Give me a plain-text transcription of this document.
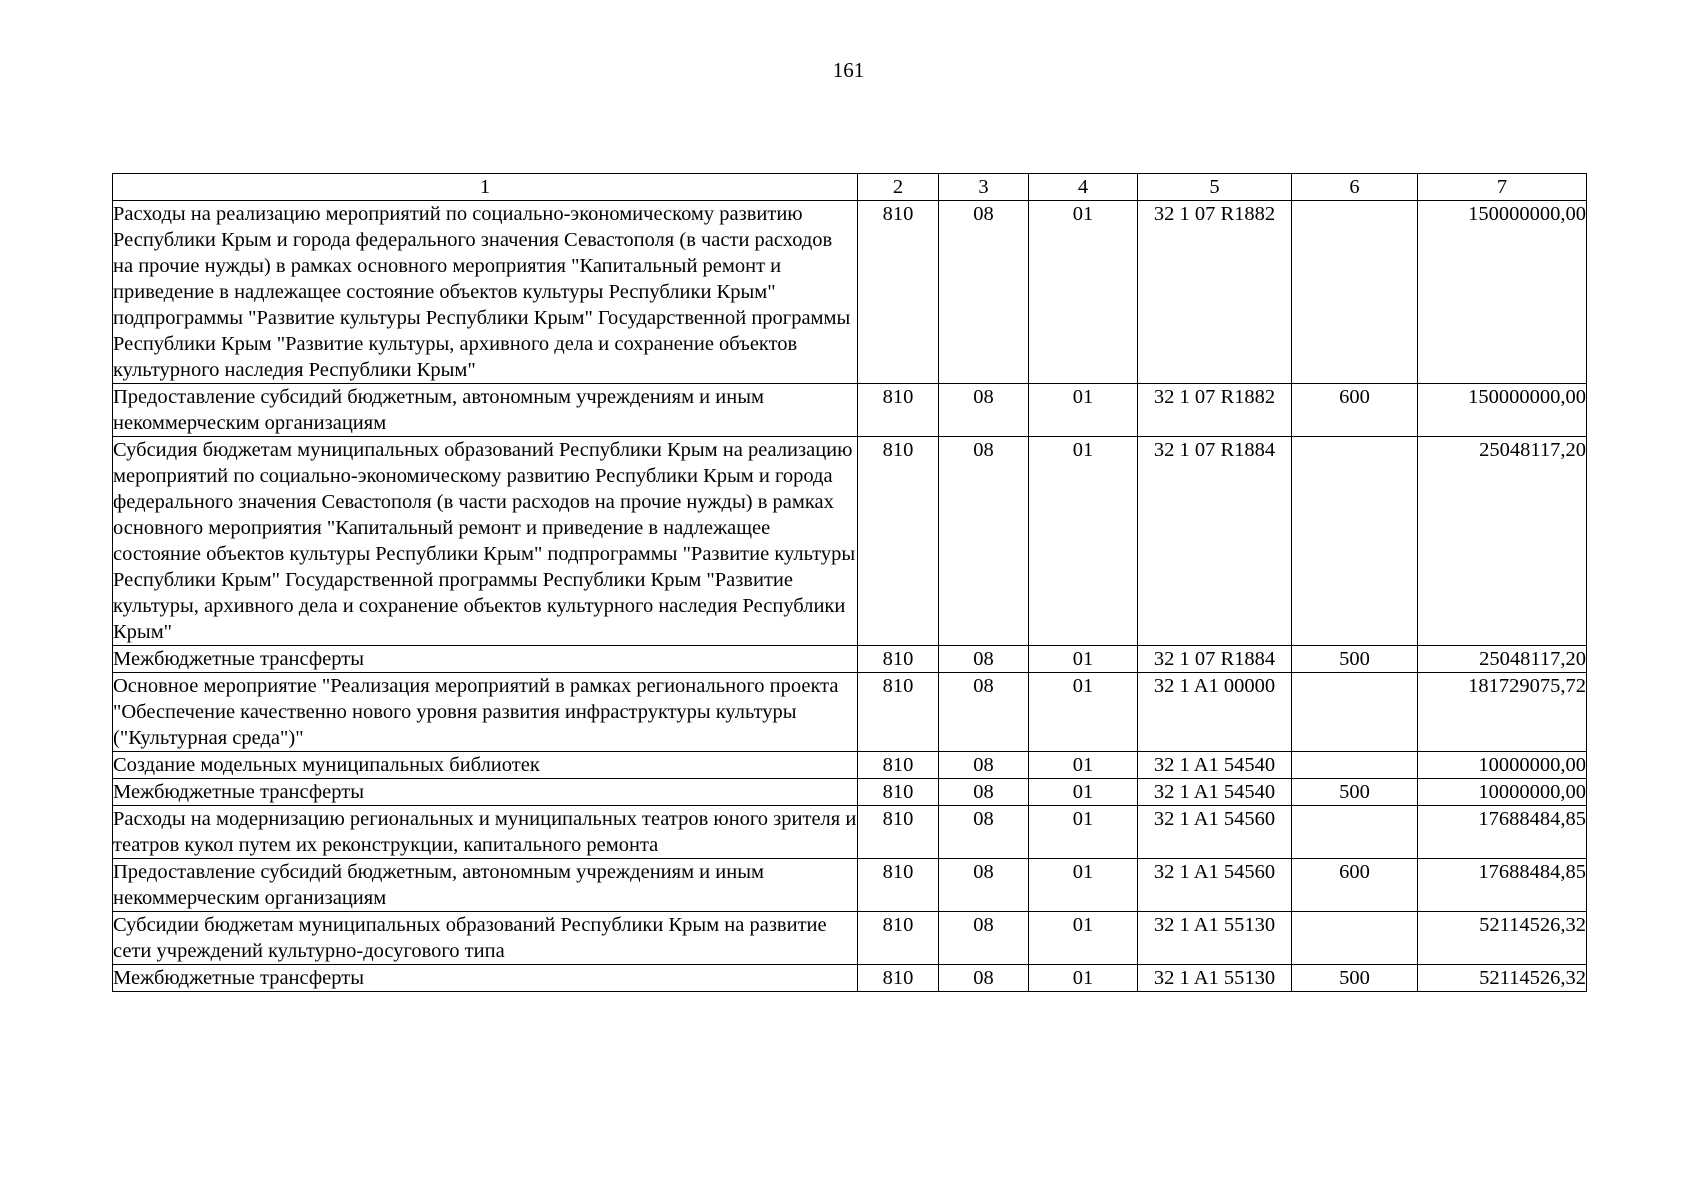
161
1	2	3	4	5	6	7
Расходы на реализацию мероприятий по социально-экономическому развитию Республики Крым и города федерального значения Севастополя (в части расходов на прочие нужды) в рамках основного мероприятия "Капитальный ремонт и приведение в надлежащее состояние объектов культуры Республики Крым" подпрограммы "Развитие культуры Республики Крым" Государственной программы Республики Крым "Развитие культуры, архивного дела и сохранение объектов культурного наследия Республики Крым"	810	08	01	32 1 07 R1882		150000000,00
Предоставление субсидий бюджетным, автономным учреждениям и иным некоммерческим организациям	810	08	01	32 1 07 R1882	600	150000000,00
Субсидия бюджетам муниципальных образований Республики Крым на реализацию мероприятий по социально-экономическому развитию Республики Крым и города федерального значения Севастополя (в части расходов на прочие нужды) в рамках основного мероприятия "Капитальный ремонт и приведение в надлежащее состояние объектов культуры Республики Крым" подпрограммы "Развитие культуры Республики Крым" Государственной программы Республики Крым "Развитие культуры, архивного дела и сохранение объектов культурного наследия Республики Крым"	810	08	01	32 1 07 R1884		25048117,20
Межбюджетные трансферты	810	08	01	32 1 07 R1884	500	25048117,20
Основное мероприятие "Реализация мероприятий в рамках регионального проекта "Обеспечение качественно нового уровня развития инфраструктуры культуры ("Культурная среда")"	810	08	01	32 1 A1 00000		181729075,72
Создание модельных муниципальных библиотек	810	08	01	32 1 A1 54540		10000000,00
Межбюджетные трансферты	810	08	01	32 1 A1 54540	500	10000000,00
Расходы на модернизацию региональных и муниципальных театров юного зрителя и театров кукол путем их реконструкции, капитального ремонта	810	08	01	32 1 A1 54560		17688484,85
Предоставление субсидий бюджетным, автономным учреждениям и иным некоммерческим организациям	810	08	01	32 1 A1 54560	600	17688484,85
Субсидии бюджетам муниципальных образований Республики Крым на развитие сети учреждений культурно-досугового типа	810	08	01	32 1 A1 55130		52114526,32
Межбюджетные трансферты	810	08	01	32 1 A1 55130	500	52114526,32
